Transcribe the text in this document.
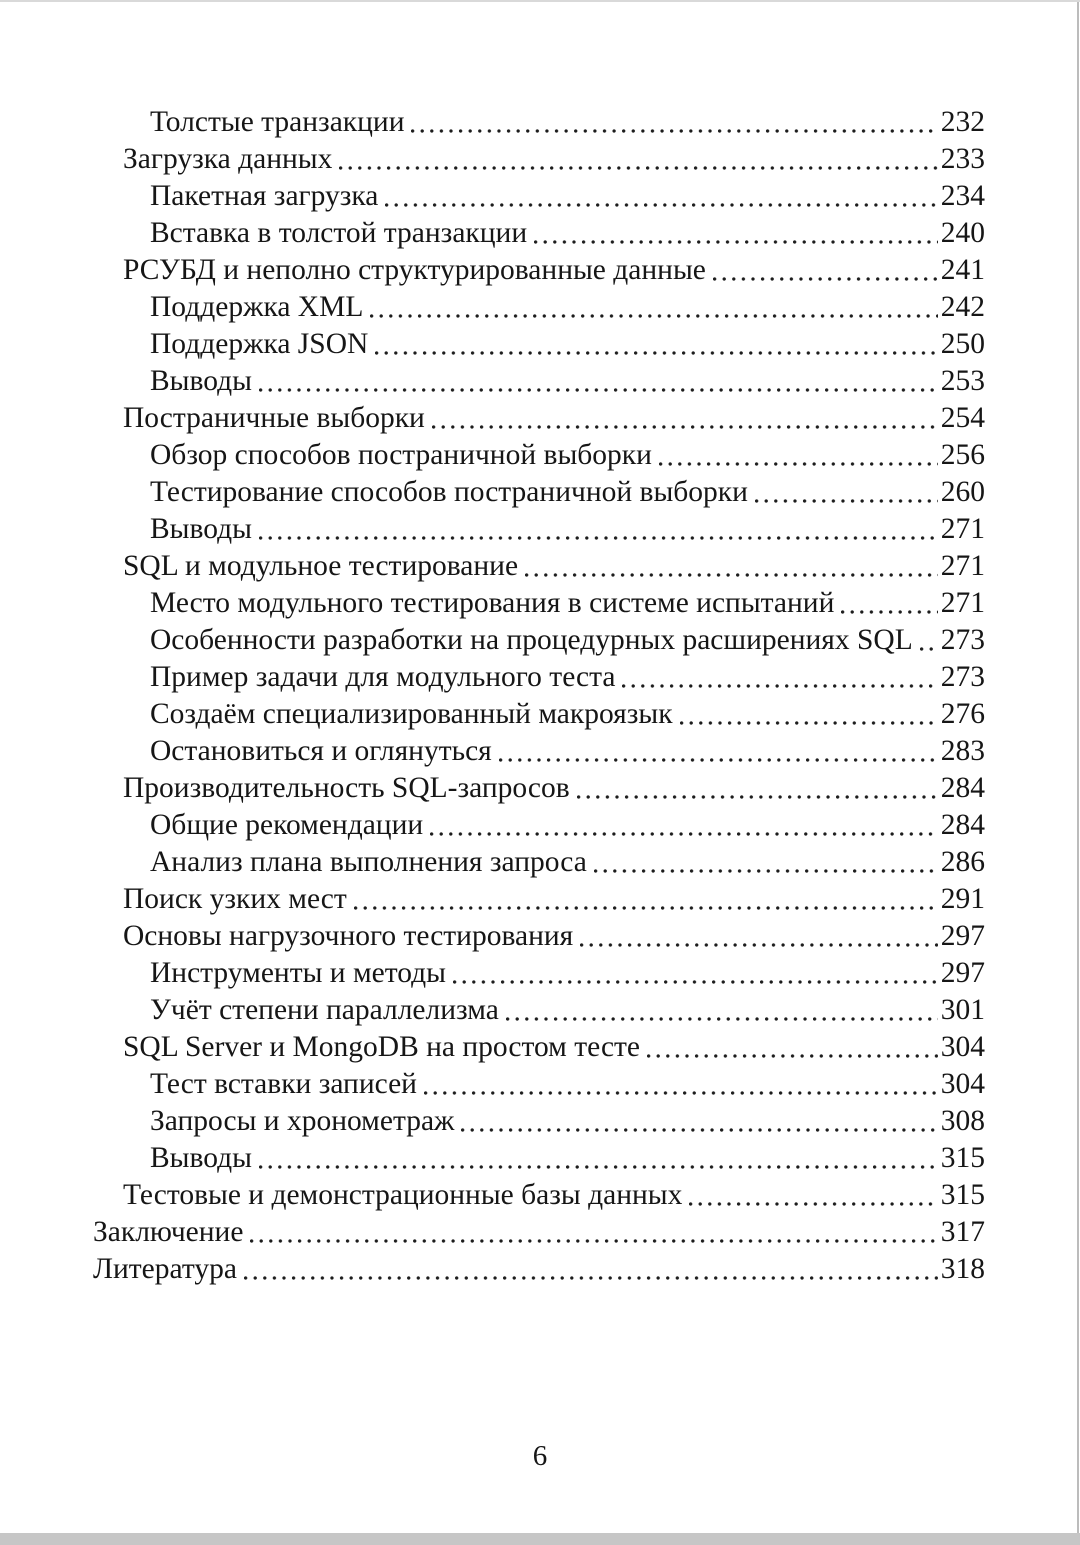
Толстые транзакции	232
Загрузка данных	233
Пакетная загрузка	234
Вставка в толстой транзакции	240
РСУБД и неполно структурированные данные	241
Поддержка XML	242
Поддержка JSON	250
Выводы	253
Постраничные выборки	254
Обзор способов постраничной выборки	256
Тестирование способов постраничной выборки	260
Выводы	271
SQL и модульное тестирование	271
Место модульного тестирования в системе испытаний	271
Особенности разработки на процедурных расширениях SQL 273
Пример задачи для модульного теста	273
Создаём специализированный макроязык	276
Остановиться и оглянуться	283
Производительность SQL-запросов	284
Общие рекомендации	284
Анализ плана выполнения запроса	286
Поиск узких мест	291
Основы нагрузочного тестирования	297
Инструменты и методы	297
Учёт степени параллелизма	301
SQL Server и MongoDB на простом тесте	304
Тест вставки записей	304
Запросы и хронометраж	308
Выводы	315
Тестовые и демонстрационные базы данных	315
Заключение	317
Литература	318
6
